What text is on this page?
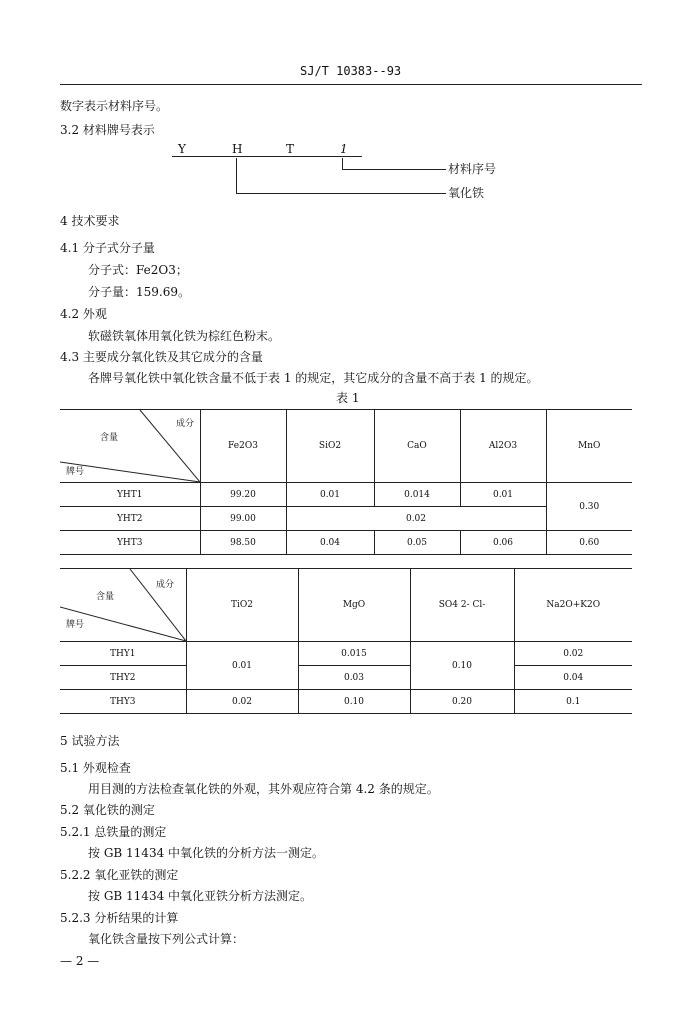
SJ/T 10383--93
数字表示材料序号。
3.2 材料牌号表示
Y	H	T	1
材料序号
氧化铁
4 技术要求
4.1 分子式分子量
分子式：Fe2O3；
分子量：159.69。
4.2 外观
软磁铁氧体用氧化铁为棕红色粉末。
4.3 主要成分氧化铁及其它成分的含量
各牌号氧化铁中氧化铁含量不低于表 1 的规定，其它成分的含量不高于表 1 的规定。
表 1
成分
含量
牌号	Fe2O3	SiO2	CaO	Al2O3	MnO
YHT1	99.20	0.01	0.014	0.01	0.30
YHT2	99.00	0.02			
YHT3	98.50	0.04	0.05	0.06	0.60
成分
含量
牌号	TiO2	MgO	SO4 2- Cl-	Na2O+K2O
THY1	0.01	0.015	0.10	0.02
THY2		0.03		0.04
THY3	0.02	0.10	0.20	0.1
5 试验方法
5.1 外观检查
用目测的方法检查氧化铁的外观，其外观应符合第 4.2 条的规定。
5.2 氧化铁的测定
5.2.1 总铁量的测定
按 GB 11434 中氧化铁的分析方法一测定。
5.2.2 氧化亚铁的测定
按 GB 11434 中氧化亚铁分析方法测定。
5.2.3 分析结果的计算
氧化铁含量按下列公式计算：
— 2 —
